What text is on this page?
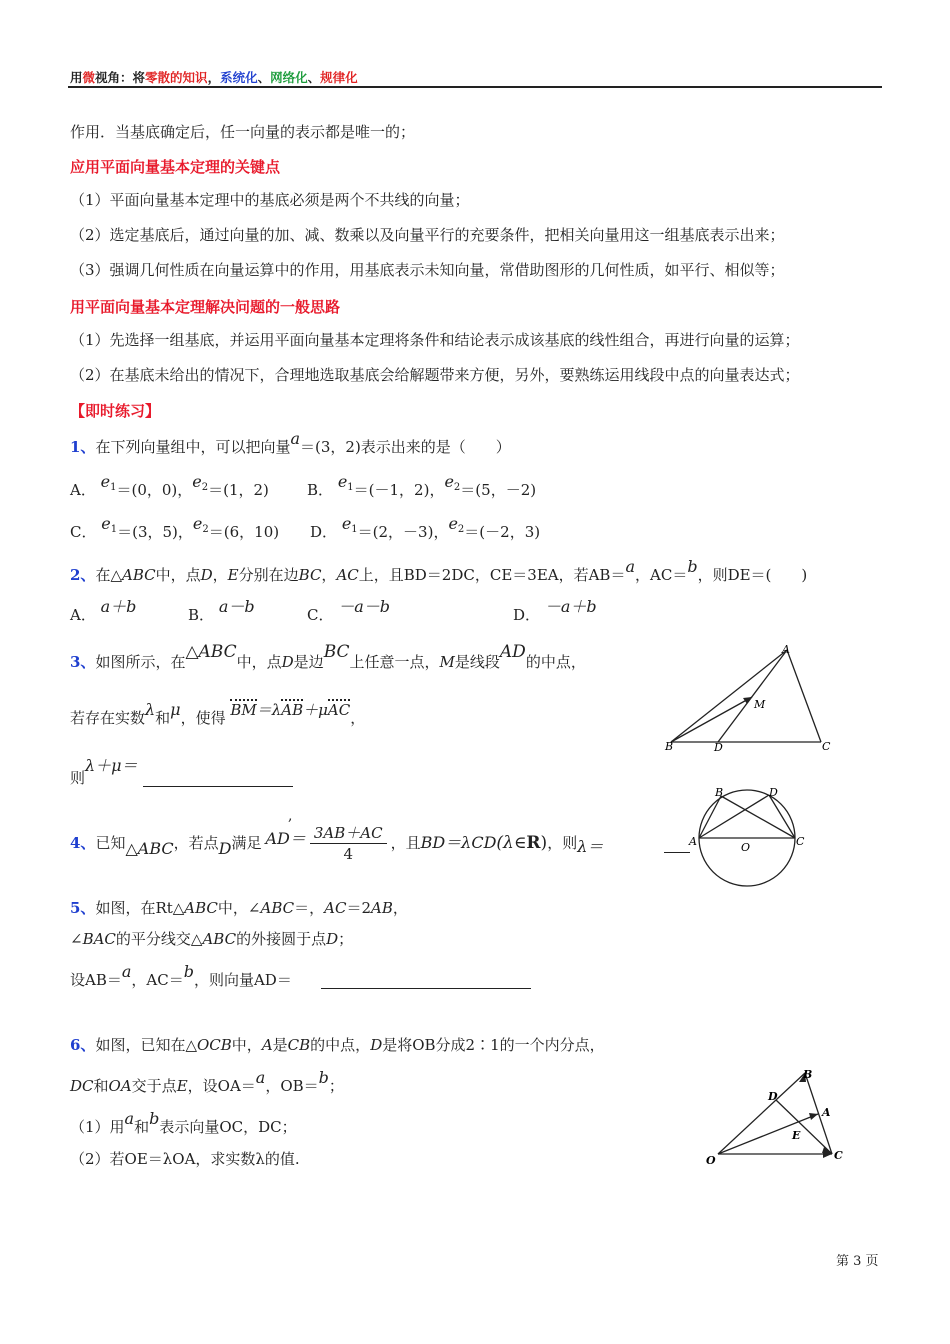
用微视角：将零散的知识，系统化、网络化、规律化
作用．当基底确定后，任一向量的表示都是唯一的；
应用平面向量基本定理的关键点
（1）平面向量基本定理中的基底必须是两个不共线的向量；
（2）选定基底后，通过向量的加、减、数乘以及向量平行的充要条件，把相关向量用这一组基底表示出来；
（3）强调几何性质在向量运算中的作用，用基底表示未知向量，常借助图形的几何性质，如平行、相似等；
用平面向量基本定理解决问题的一般思路
（1）先选择一组基底，并运用平面向量基本定理将条件和结论表示成该基底的线性组合，再进行向量的运算；
（2）在基底未给出的情况下，合理地选取基底会给解题带来方便，另外，要熟练运用线段中点的向量表达式；
【即时练习】
1、在下列向量组中，可以把向量a＝(3，2)表示出来的是（　　）
A． $e_1=(0$，0)，$e_2=(1$，2)	B． $e_1=(-1$，2)，$e_2=(5$，－2)
C． $e_1=(3$，5)，$e_2=(6$，10) D． $e_1=(2$，－3)，$e_2=(-2$，3)
2、在△ABC中，点D，E分别在边BC，AC上，且BD＝2DC，CE＝3EA，若AB＝a，AC＝b，则DE＝(　　)
A． a＋b	B． a－b	C． －a－b	D． －a＋b
3、如图所示，在△ABC中，点D是边BC上任意一点，M是线段AD的中点，
若存在实数λ和μ，使得 BM＝λAB＋μAC，
则λ＋μ＝
,
4、 已知 △ABC ，若点 D 满足 $AD= \frac{3AB+AC}{4}$ ，且 BD＝λCD (λ∈R) ，则 λ＝
5、如图，在Rt△ABC中，∠ABC＝，AC＝2AB，
∠BAC的平分线交△ABC的外接圆于点D；
设AB＝a，AC＝b，则向量AD＝
6、如图，已知在△OCB中，A是CB的中点，D是将OB分成2∶1的一个内分点，
DC和OA交于点E，设OA＝a，OB＝b；
（1）用a和b表示向量OC，DC；
（2）若OE＝λOA，求实数λ的值.
A
B	C
D
M
A
B
C
D
O
O
A
B
C
D
E
第 3 页
